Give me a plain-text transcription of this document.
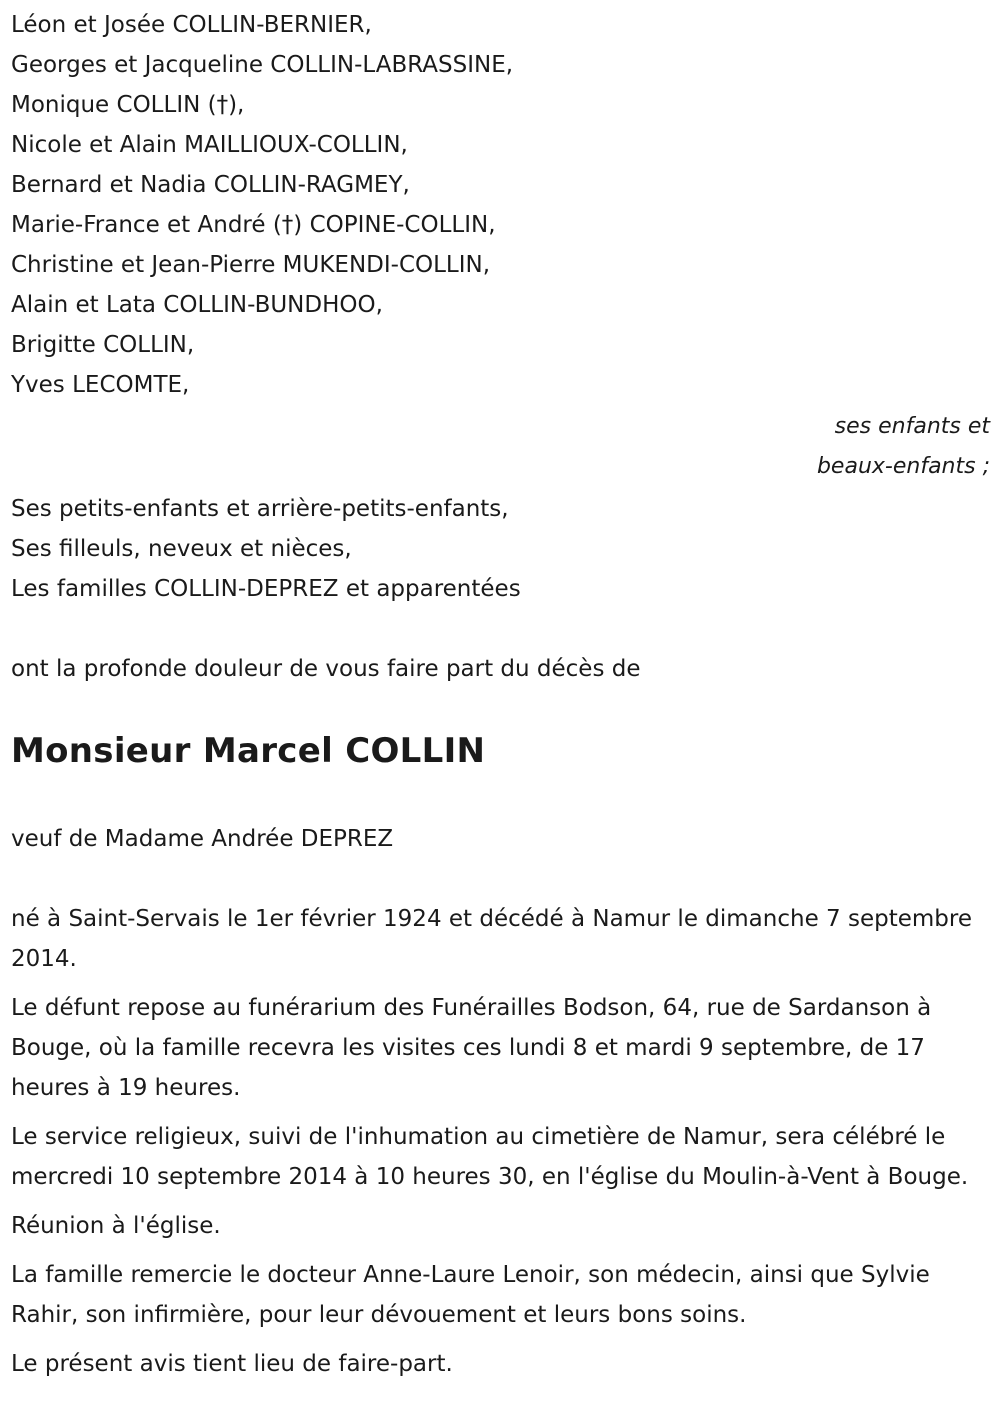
Léon et Josée COLLIN-BERNIER,
Georges et Jacqueline COLLIN-LABRASSINE,
Monique COLLIN (†),
Nicole et Alain MAILLIOUX-COLLIN,
Bernard et Nadia COLLIN-RAGMEY,
Marie-France et André (†) COPINE-COLLIN,
Christine et Jean-Pierre MUKENDI-COLLIN,
Alain et Lata COLLIN-BUNDHOO,
Brigitte COLLIN,
Yves LECOMTE,
ses enfants et
beaux-enfants ;
Ses petits-enfants et arrière-petits-enfants,
Ses filleuls, neveux et nièces,
Les familles COLLIN-DEPREZ et apparentées
ont la profonde douleur de vous faire part du décès de
Monsieur Marcel COLLIN
veuf de Madame Andrée DEPREZ

né à Saint-Servais le 1er février 1924 et décédé à Namur le dimanche 7 septembre 2014.

Le défunt repose au funérarium des Funérailles Bodson, 64, rue de Sardanson à Bouge, où la famille recevra les visites ces lundi 8 et mardi 9 septembre, de 17 heures à 19 heures.

Le service religieux, suivi de l'inhumation au cimetière de Namur, sera célébré le mercredi 10 septembre 2014 à 10 heures 30, en l'église du Moulin-à-Vent à Bouge.

Réunion à l'église.

La famille remercie le docteur Anne-Laure Lenoir, son médecin, ainsi que Sylvie Rahir, son infirmière, pour leur dévouement et leurs bons soins.

Le présent avis tient lieu de faire-part.
